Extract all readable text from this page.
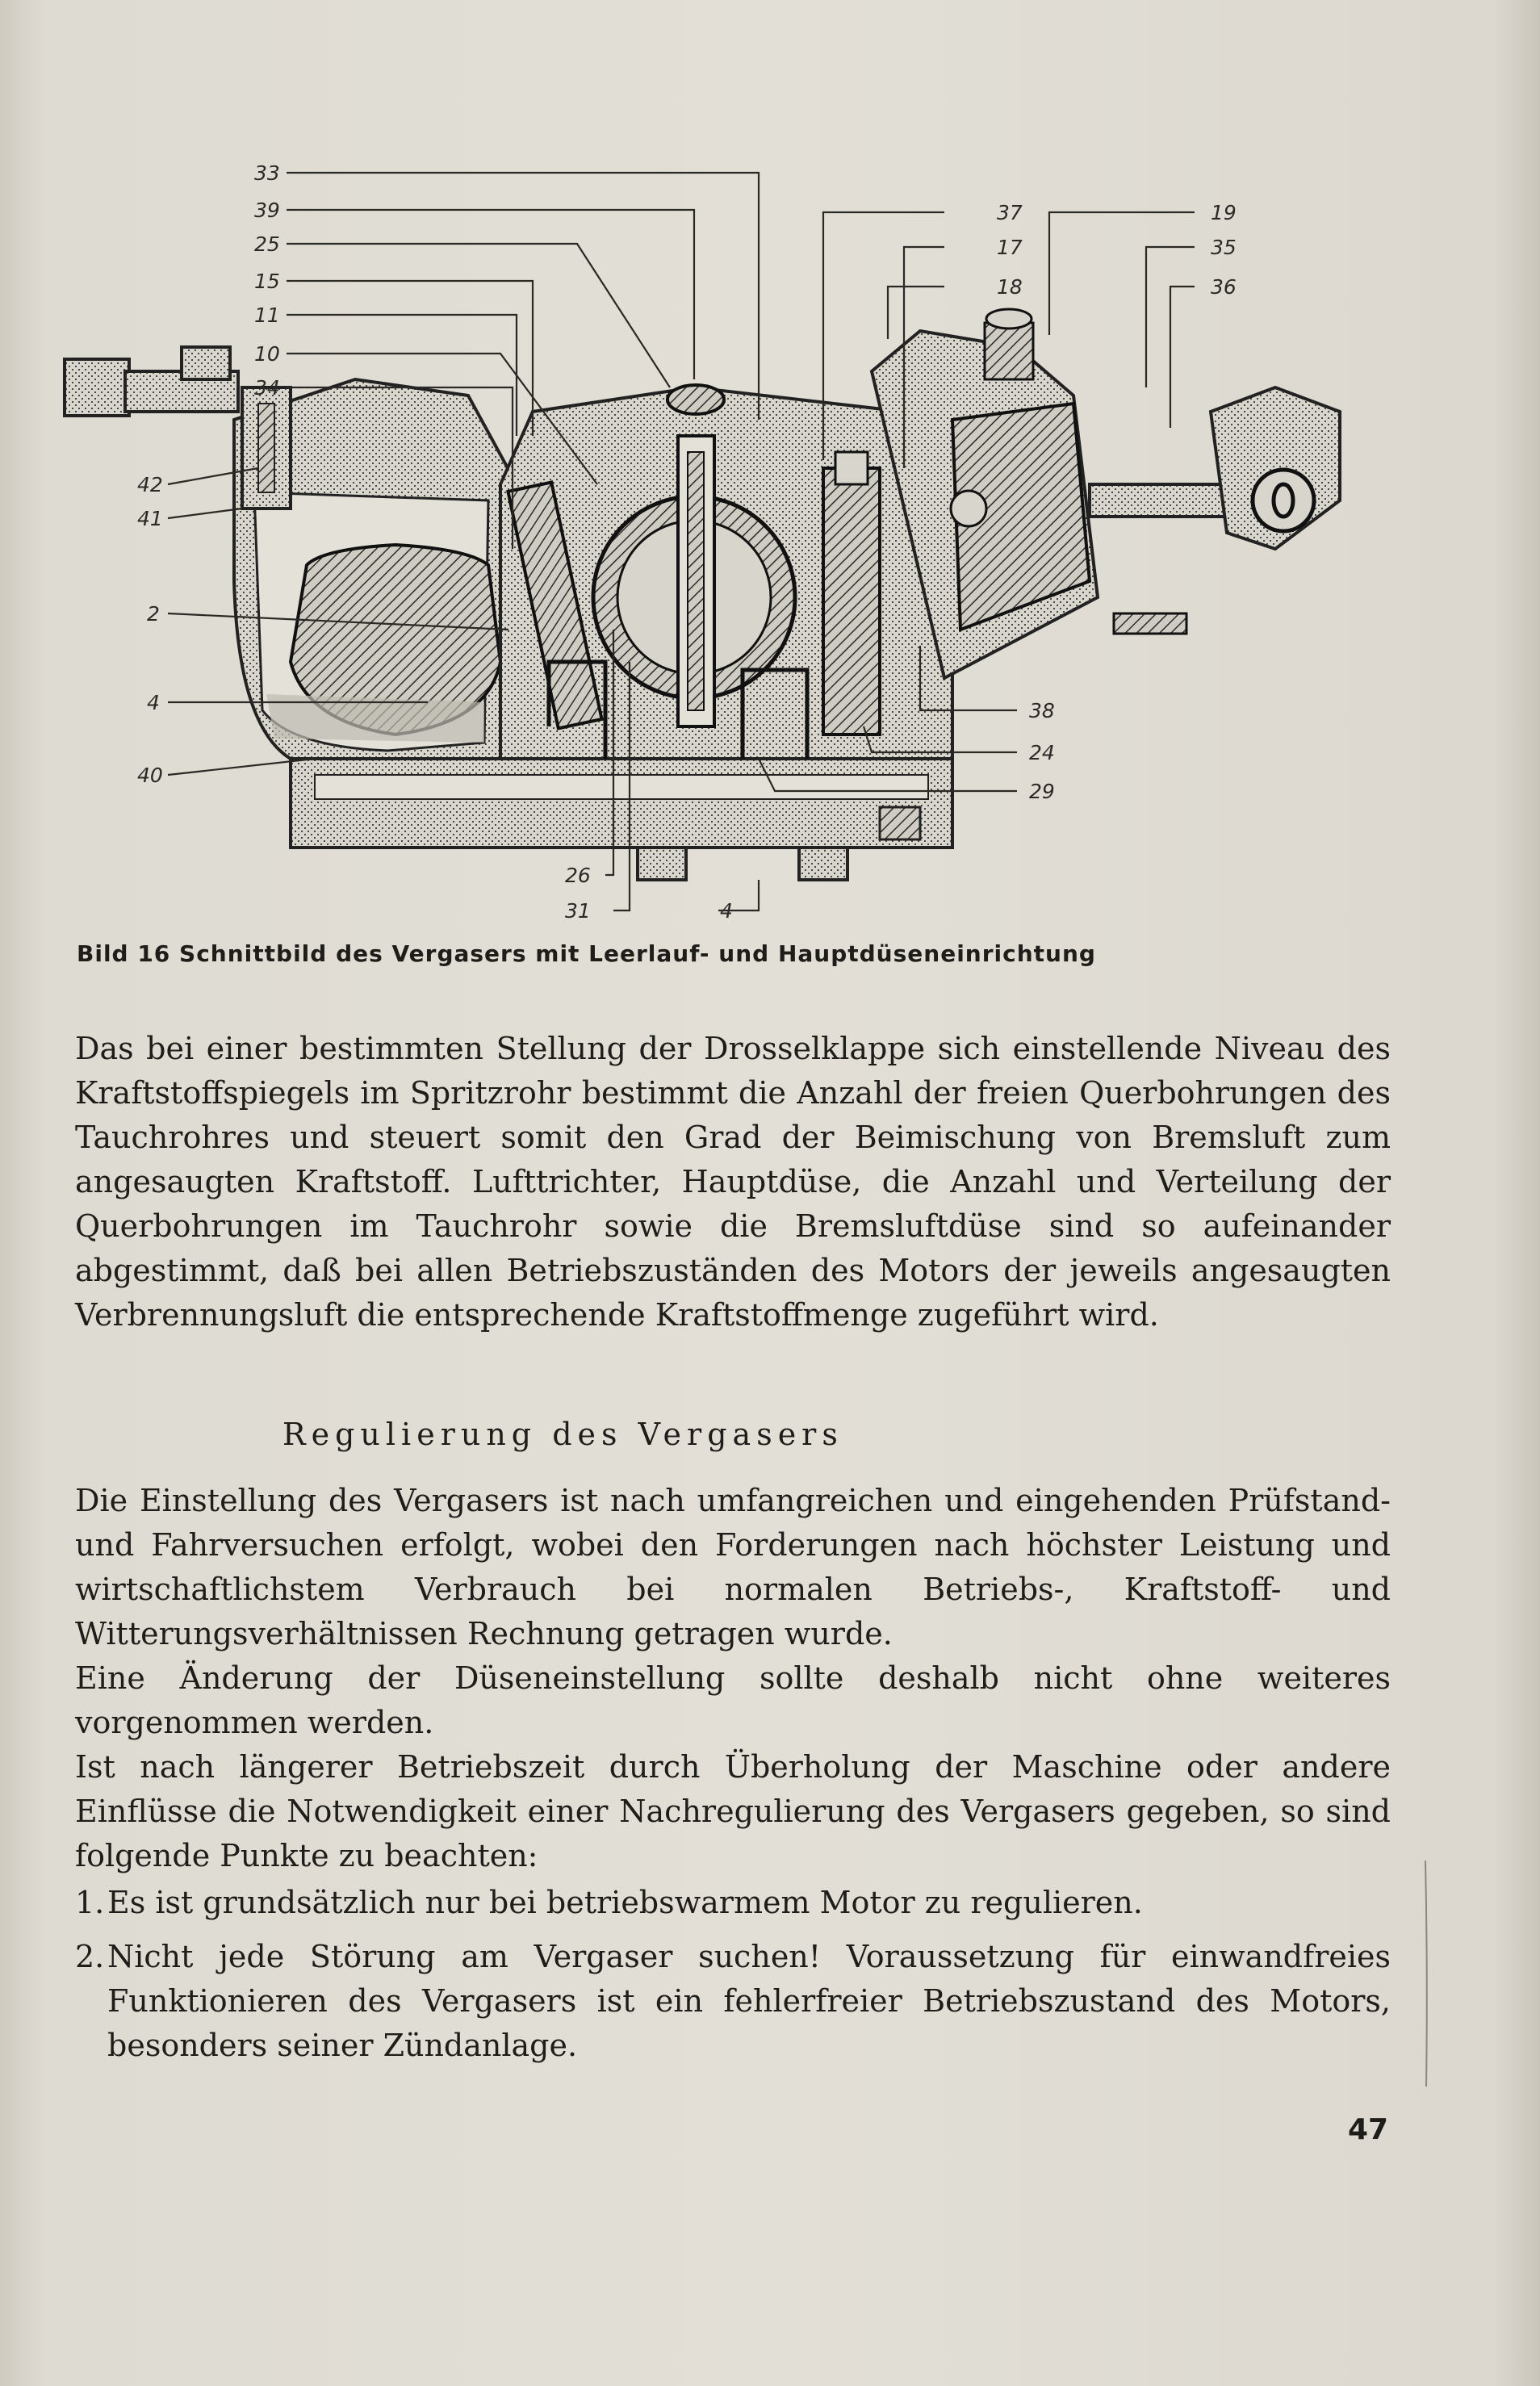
33
39
25
15
11
10
34
42
41
2
4
40
37
17
18
19
35
36
38
24
29
26
31	4
Bild 16 Schnittbild des Vergasers mit Leerlauf- und Hauptdüseneinrichtung
Das bei einer bestimmten Stellung der Drosselklappe sich einstellende Niveau des Kraftstoffspiegels im Spritzrohr bestimmt die Anzahl der freien Querbohrungen des Tauchrohres und steuert somit den Grad der Beimischung von Bremsluft zum angesaugten Kraftstoff. Lufttrichter, Hauptdüse, die Anzahl und Verteilung der Querbohrungen im Tauchrohr sowie die Bremsluftdüse sind so aufeinander abgestimmt, daß bei allen Betriebszuständen des Motors der jeweils angesaugten Verbrennungsluft die entsprechende Kraftstoffmenge zugeführt wird.
Regulierung des Vergasers
Die Einstellung des Vergasers ist nach umfangreichen und eingehenden Prüfstand- und Fahrversuchen erfolgt, wobei den Forderungen nach höchster Leistung und wirtschaftlichstem Verbrauch bei normalen Betriebs-, Kraftstoff- und Witterungsverhältnissen Rechnung getragen wurde.
Eine Änderung der Düseneinstellung sollte deshalb nicht ohne weiteres vorgenommen werden.
Ist nach längerer Betriebszeit durch Überholung der Maschine oder andere Einflüsse die Notwendigkeit einer Nachregulierung des Vergasers gegeben, so sind folgende Punkte zu beachten:
1. Es ist grundsätzlich nur bei betriebswarmem Motor zu regulieren.
2. Nicht jede Störung am Vergaser suchen! Voraussetzung für einwandfreies Funktionieren des Vergasers ist ein fehlerfreier Betriebszustand des Motors, besonders seiner Zündanlage.
47
